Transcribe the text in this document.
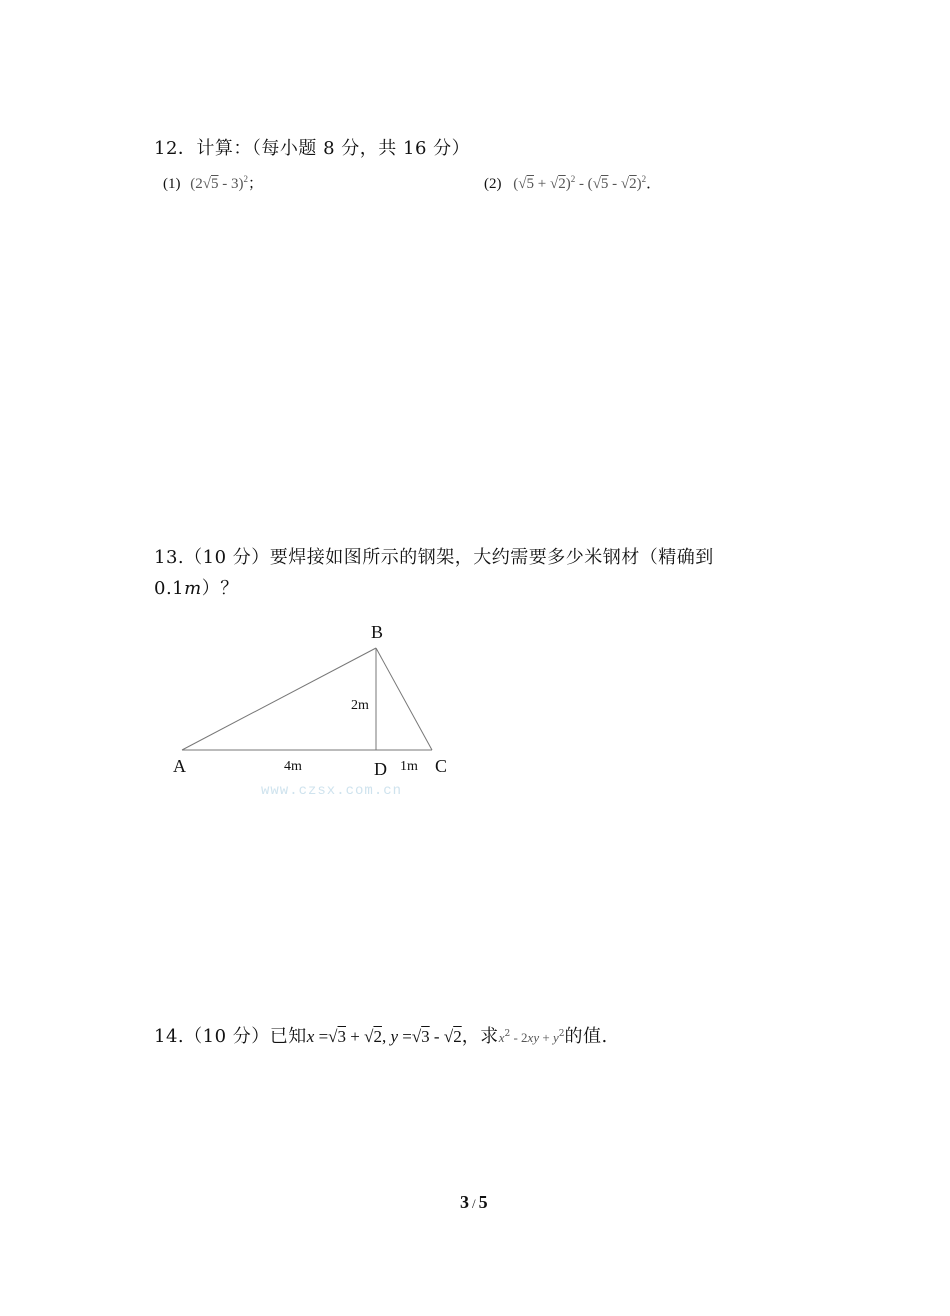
12．计算：（每小题 8 分，共 16 分）
(1) (2√5 - 3)$^2$；	(2) $(√5 + √2)^2 - (√5 - √2)^2$．
13.（10 分）要焊接如图所示的钢架，大约需要多少米钢材（精确到
0.1m）？
B
2m
A	4m	D 1m C
www.czsx.com.cn
14.（10 分）已知x =√3 + √2, y =√3 - √2，求$x^2 - 2xy + y^2$的值.
3 / 5
